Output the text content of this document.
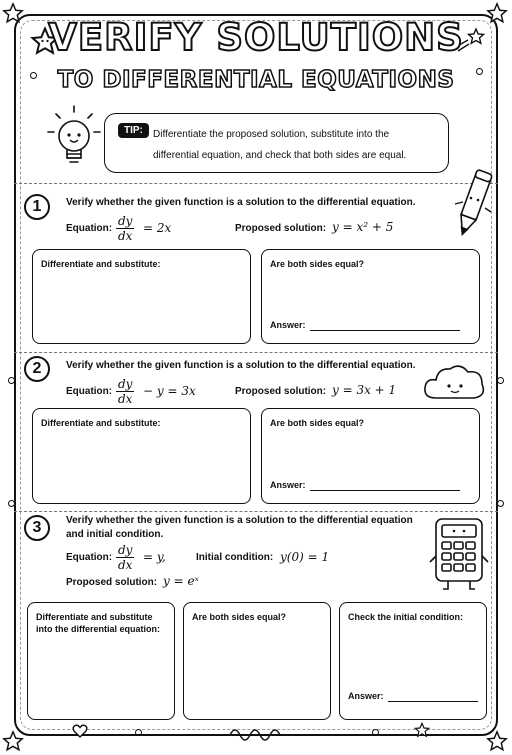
VERIFY SOLUTIONS
TO DIFFERENTIAL EQUATIONS
TIP:	Differentiate the proposed solution, substitute into the
differential equation, and check that both sides are equal.
1	Verify whether the given function is a solution to the differential equation.
Equation: $\frac{dy}{dx} = 2x$	Proposed solution: y = x² + 5
Differentiate and substitute:	Are both sides equal?
Answer:
2	Verify whether the given function is a solution to the differential equation.
Equation: $\frac{dy}{dx} - y = 3x$	Proposed solution: y = 3x + 1
Differentiate and substitute:	Are both sides equal?
Answer:
3	Verify whether the given function is a solution to the differential equation
and initial condition.
Equation: $\frac{dy}{dx} = y$,	Initial condition: y(0) = 1
Proposed solution: y = eˣ
Differentiate and substitute
into the differential equation:
Are both sides equal?	Check the initial condition:
Answer:
